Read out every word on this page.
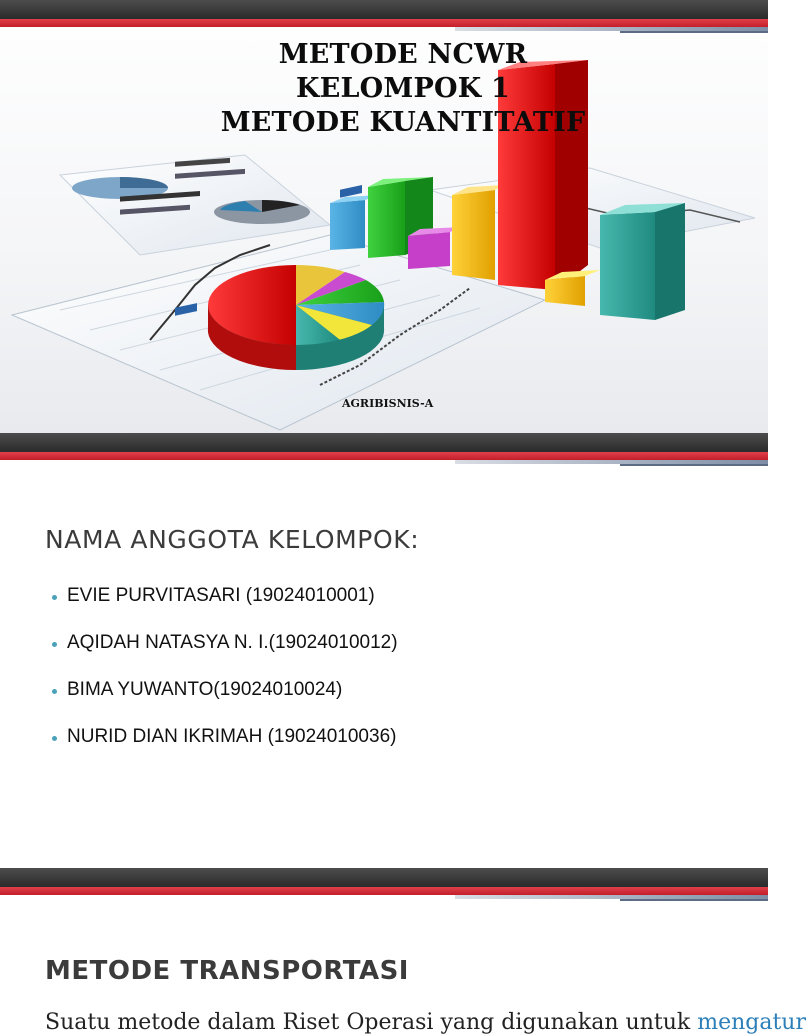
METODE NCWR
KELOMPOK 1
METODE KUANTITATIF
AGRIBISNIS-A
NAMA ANGGOTA KELOMPOK:
EVIE PURVITASARI (19024010001)
AQIDAH NATASYA N. I.(19024010012)
BIMA YUWANTO(19024010024)
NURID DIAN IKRIMAH (19024010036)
METODE TRANSPORTASI
Suatu metode dalam Riset Operasi yang digunakan untuk mengatur
